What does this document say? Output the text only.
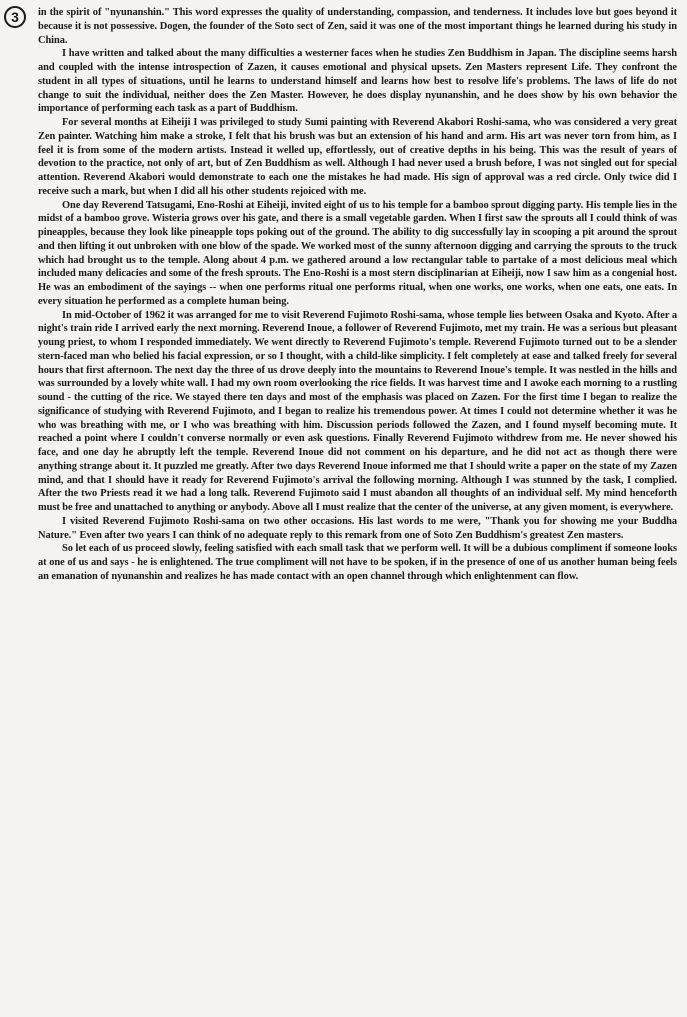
3	in the spirit of "nyunanshin." This word expresses the quality of understanding, compassion, and tenderness. It includes love but goes beyond it because it is not possessive. Dogen, the founder of the Soto sect of Zen, said it was one of the most important things he learned during his study in China.

I have written and talked about the many difficulties a westerner faces when he studies Zen Buddhism in Japan. The discipline seems harsh and coupled with the intense introspection of Zazen, it causes emotional and physical upsets. Zen Masters represent Life. They confront the student in all types of situations, until he learns to understand himself and learns how best to resolve life's problems. The laws of life do not change to suit the individual, neither does the Zen Master. However, he does display nyunanshin, and he does show by his own behavior the importance of performing each task as a part of Buddhism.

For several months at Eiheiji I was privileged to study Sumi painting with Reverend Akabori Roshi-sama, who was considered a very great Zen painter. Watching him make a stroke, I felt that his brush was but an extension of his hand and arm. His art was never torn from him, as I feel it is from some of the modern artists. Instead it welled up, effortlessly, out of creative depths in his being. This was the result of years of devotion to the practice, not only of art, but of Zen Buddhism as well. Although I had never used a brush before, I was not singled out for special attention. Reverend Akabori would demonstrate to each one the mistakes he had made. His sign of approval was a red circle. Only twice did I receive such a mark, but when I did all his other students rejoiced with me.

One day Reverend Tatsugami, Eno-Roshi at Eiheiji, invited eight of us to his temple for a bamboo sprout digging party. His temple lies in the midst of a bamboo grove. Wisteria grows over his gate, and there is a small vegetable garden. When I first saw the sprouts all I could think of was pineapples, because they look like pineapple tops poking out of the ground. The ability to dig successfully lay in scooping a pit around the sprout and then lifting it out unbroken with one blow of the spade. We worked most of the sunny afternoon digging and carrying the sprouts to the truck which had brought us to the temple. Along about 4 p.m. we gathered around a low rectangular table to partake of a most delicious meal which included many delicacies and some of the fresh sprouts. The Eno-Roshi is a most stern disciplinarian at Eiheiji, now I saw him as a congenial host. He was an embodiment of the sayings -- when one performs ritual one performs ritual, when one works, one works, when one eats, one eats. In every situation he performed as a complete human being.

In mid-October of 1962 it was arranged for me to visit Reverend Fujimoto Roshi-sama, whose temple lies between Osaka and Kyoto. After a night's train ride I arrived early the next morning. Reverend Inoue, a follower of Reverend Fujimoto, met my train. He was a serious but pleasant young priest, to whom I responded immediately. We went directly to Reverend Fujimoto's temple. Reverend Fujimoto turned out to be a slender stern-faced man who belied his facial expression, or so I thought, with a child-like simplicity. I felt completely at ease and talked freely for several hours that first afternoon. The next day the three of us drove deeply into the mountains to Reverend Inoue's temple. It was nestled in the hills and was surrounded by a lovely white wall. I had my own room overlooking the rice fields. It was harvest time and I awoke each morning to a rustling sound - the cutting of the rice. We stayed there ten days and most of the emphasis was placed on Zazen. For the first time I began to realize the significance of studying with Reverend Fujimoto, and I began to realize his tremendous power. At times I could not determine whether it was he who was breathing with me, or I who was breathing with him. Discussion periods followed the Zazen, and I found myself becoming mute. It reached a point where I couldn't converse normally or even ask questions. Finally Reverend Fujimoto withdrew from me. He never showed his face, and one day he abruptly left the temple. Reverend Inoue did not comment on his departure, and he did not act as though there were anything strange about it. It puzzled me greatly. After two days Reverend Inoue informed me that I should write a paper on the state of my Zazen mind, and that I should have it ready for Reverend Fujimoto's arrival the following morning. Although I was stunned by the task, I complied. After the two Priests read it we had a long talk. Reverend Fujimoto said I must abandon all thoughts of an individual self. My mind henceforth must be free and unattached to anything or anybody. Above all I must realize that the center of the universe, at any given moment, is everywhere.

I visited Reverend Fujimoto Roshi-sama on two other occasions. His last words to me were, "Thank you for showing me your Buddha Nature." Even after two years I can think of no adequate reply to this remark from one of Soto Zen Buddhism's greatest Zen masters.

So let each of us proceed slowly, feeling satisfied with each small task that we perform well. It will be a dubious compliment if someone looks at one of us and says - he is enlightened. The true compliment will not have to be spoken, if in the presence of one of us another human being feels an emanation of nyunanshin and realizes he has made contact with an open channel through which enlightenment can flow.
